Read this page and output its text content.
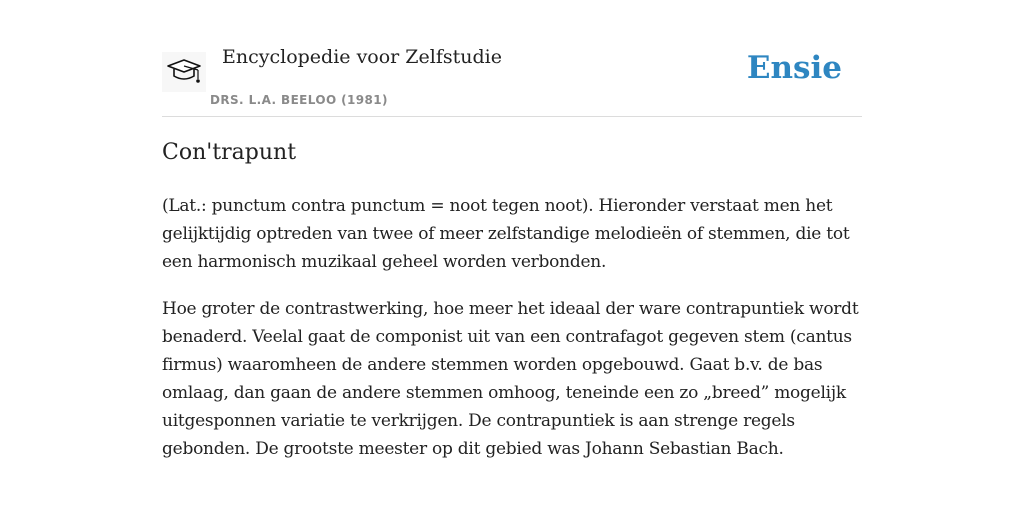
Encyclopedie voor Zelfstudie
DRS. L.A. BEELOO (1981)
Ensie
Con'trapunt

(Lat.: punctum contra punctum = noot tegen noot). Hieronder verstaat men het gelijktijdig optreden van twee of meer zelfstandige melodieën of stemmen, die tot een harmonisch muzikaal geheel worden verbonden.

Hoe groter de contrastwerking, hoe meer het ideaal der ware contrapuntiek wordt benaderd. Veelal gaat de componist uit van een contrafagot gegeven stem (cantus firmus) waaromheen de andere stemmen worden opgebouwd. Gaat b.v. de bas omlaag, dan gaan de andere stemmen omhoog, teneinde een zo „breed” mogelijk uitgesponnen variatie te verkrijgen. De contrapuntiek is aan strenge regels gebonden. De grootste meester op dit gebied was Johann Sebastian Bach.
